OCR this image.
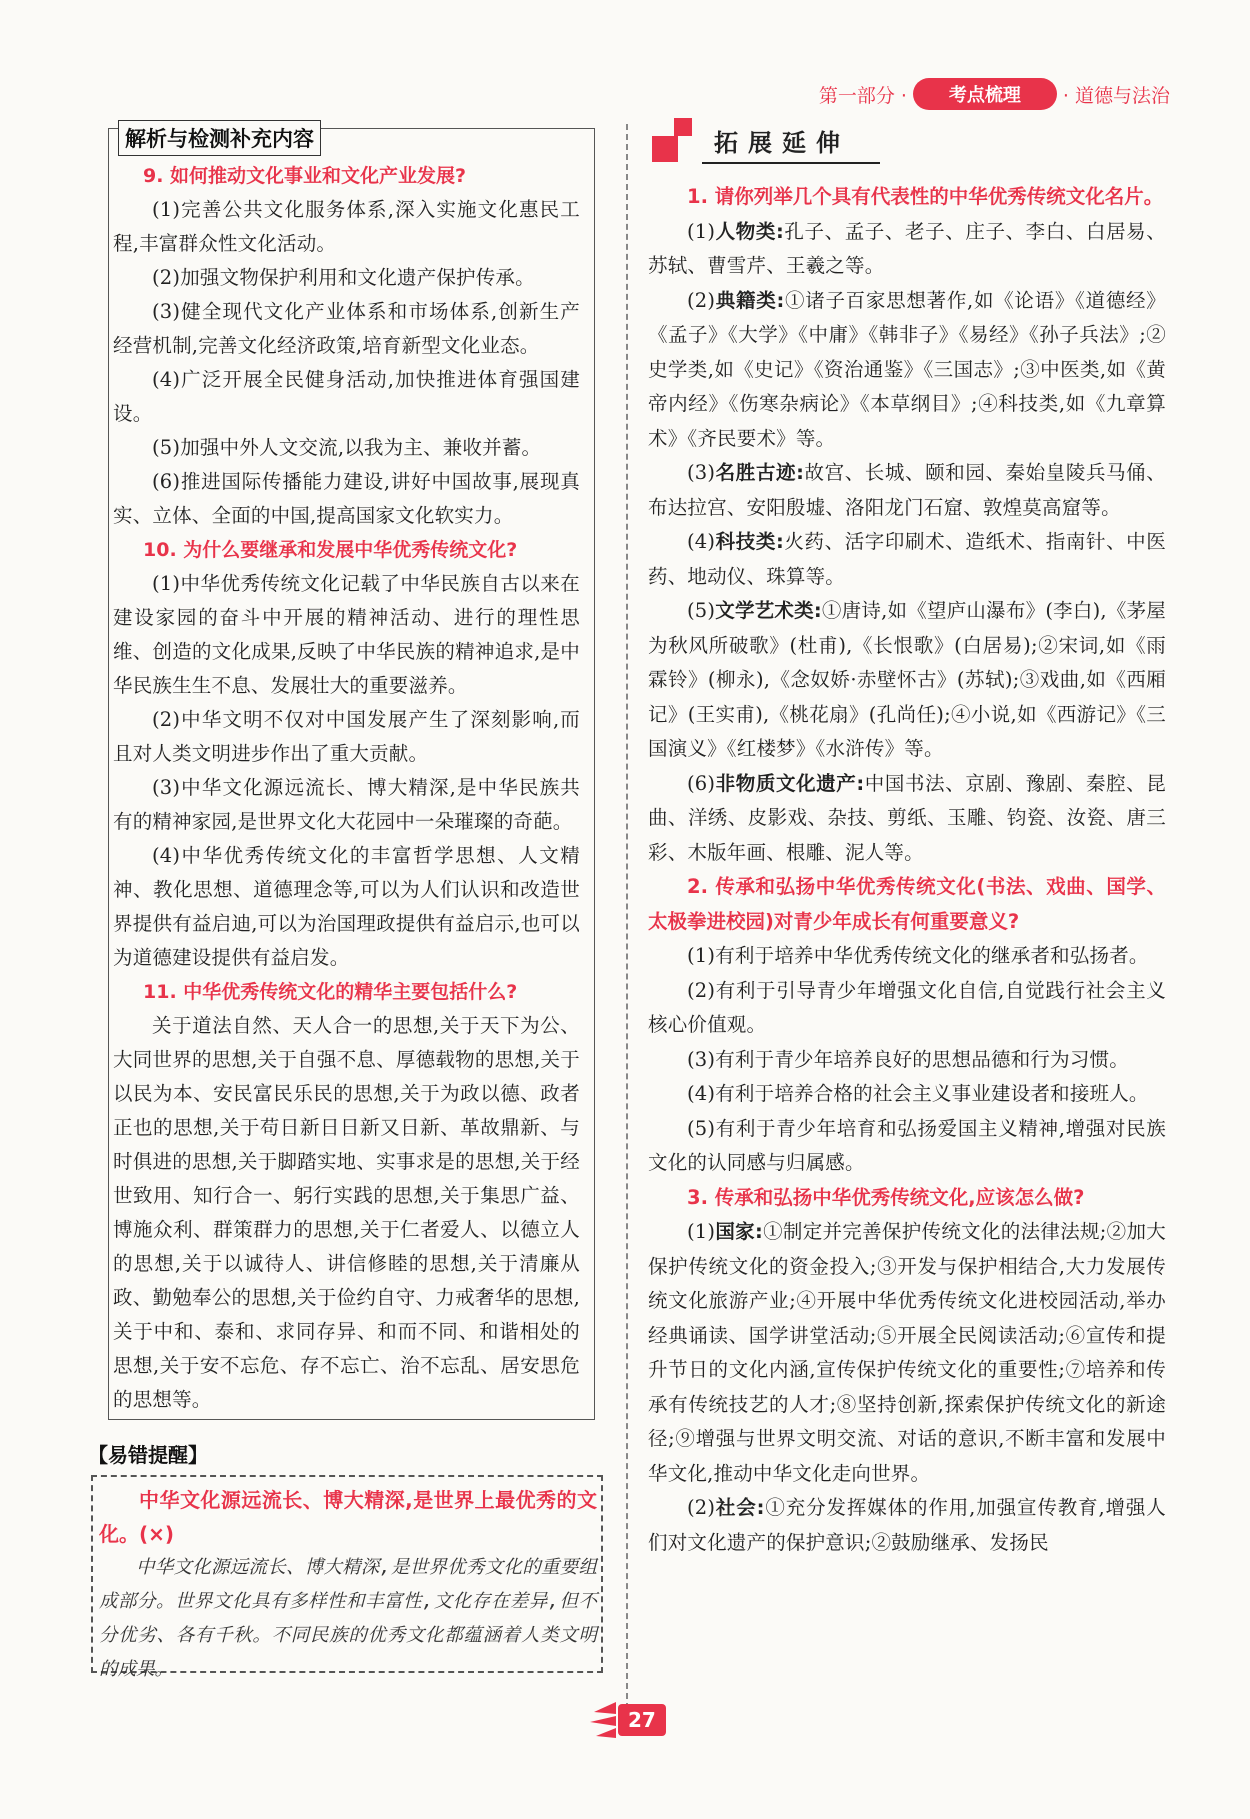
第一部分 ·	考点梳理	· 道德与法治
9. 如何推动文化事业和文化产业发展?
(1)完善公共文化服务体系,深入实施文化惠民工程,丰富群众性文化活动。
(2)加强文物保护利用和文化遗产保护传承。
(3)健全现代文化产业体系和市场体系,创新生产经营机制,完善文化经济政策,培育新型文化业态。
(4)广泛开展全民健身活动,加快推进体育强国建设。
(5)加强中外人文交流,以我为主、兼收并蓄。
(6)推进国际传播能力建设,讲好中国故事,展现真实、立体、全面的中国,提高国家文化软实力。
10. 为什么要继承和发展中华优秀传统文化?
(1)中华优秀传统文化记载了中华民族自古以来在建设家园的奋斗中开展的精神活动、进行的理性思维、创造的文化成果,反映了中华民族的精神追求,是中华民族生生不息、发展壮大的重要滋养。
(2)中华文明不仅对中国发展产生了深刻影响,而且对人类文明进步作出了重大贡献。
(3)中华文化源远流长、博大精深,是中华民族共有的精神家园,是世界文化大花园中一朵璀璨的奇葩。
(4)中华优秀传统文化的丰富哲学思想、人文精神、教化思想、道德理念等,可以为人们认识和改造世界提供有益启迪,可以为治国理政提供有益启示,也可以为道德建设提供有益启发。
11. 中华优秀传统文化的精华主要包括什么?
关于道法自然、天人合一的思想,关于天下为公、大同世界的思想,关于自强不息、厚德载物的思想,关于以民为本、安民富民乐民的思想,关于为政以德、政者正也的思想,关于苟日新日日新又日新、革故鼎新、与时俱进的思想,关于脚踏实地、实事求是的思想,关于经世致用、知行合一、躬行实践的思想,关于集思广益、博施众利、群策群力的思想,关于仁者爱人、以德立人的思想,关于以诚待人、讲信修睦的思想,关于清廉从政、勤勉奉公的思想,关于俭约自守、力戒奢华的思想,关于中和、泰和、求同存异、和而不同、和谐相处的思想,关于安不忘危、存不忘亡、治不忘乱、居安思危的思想等。
解析与检测补充内容
【易错提醒】
中华文化源远流长、博大精深,是世界上最优秀的文化。(×)
中华文化源远流长、博大精深,是世界优秀文化的重要组成部分。世界文化具有多样性和丰富性,文化存在差异,但不分优劣、各有千秋。不同民族的优秀文化都蕴涵着人类文明的成果。
拓展延伸
1. 请你列举几个具有代表性的中华优秀传统文化名片。
(1)人物类:孔子、孟子、老子、庄子、李白、白居易、苏轼、曹雪芹、王羲之等。
(2)典籍类:①诸子百家思想著作,如《论语》《道德经》《孟子》《大学》《中庸》《韩非子》《易经》《孙子兵法》;②史学类,如《史记》《资治通鉴》《三国志》;③中医类,如《黄帝内经》《伤寒杂病论》《本草纲目》;④科技类,如《九章算术》《齐民要术》等。
(3)名胜古迹:故宫、长城、颐和园、秦始皇陵兵马俑、布达拉宫、安阳殷墟、洛阳龙门石窟、敦煌莫高窟等。
(4)科技类:火药、活字印刷术、造纸术、指南针、中医药、地动仪、珠算等。
(5)文学艺术类:①唐诗,如《望庐山瀑布》(李白),《茅屋为秋风所破歌》(杜甫),《长恨歌》(白居易);②宋词,如《雨霖铃》(柳永),《念奴娇·赤壁怀古》(苏轼);③戏曲,如《西厢记》(王实甫),《桃花扇》(孔尚任);④小说,如《西游记》《三国演义》《红楼梦》《水浒传》等。
(6)非物质文化遗产:中国书法、京剧、豫剧、秦腔、昆曲、洋绣、皮影戏、杂技、剪纸、玉雕、钧瓷、汝瓷、唐三彩、木版年画、根雕、泥人等。
2. 传承和弘扬中华优秀传统文化(书法、戏曲、国学、太极拳进校园)对青少年成长有何重要意义?
(1)有利于培养中华优秀传统文化的继承者和弘扬者。
(2)有利于引导青少年增强文化自信,自觉践行社会主义核心价值观。
(3)有利于青少年培养良好的思想品德和行为习惯。
(4)有利于培养合格的社会主义事业建设者和接班人。
(5)有利于青少年培育和弘扬爱国主义精神,增强对民族文化的认同感与归属感。
3. 传承和弘扬中华优秀传统文化,应该怎么做?
(1)国家:①制定并完善保护传统文化的法律法规;②加大保护传统文化的资金投入;③开发与保护相结合,大力发展传统文化旅游产业;④开展中华优秀传统文化进校园活动,举办经典诵读、国学讲堂活动;⑤开展全民阅读活动;⑥宣传和提升节日的文化内涵,宣传保护传统文化的重要性;⑦培养和传承有传统技艺的人才;⑧坚持创新,探索保护传统文化的新途径;⑨增强与世界文明交流、对话的意识,不断丰富和发展中华文化,推动中华文化走向世界。
(2)社会:①充分发挥媒体的作用,加强宣传教育,增强人们对文化遗产的保护意识;②鼓励继承、发扬民
27
